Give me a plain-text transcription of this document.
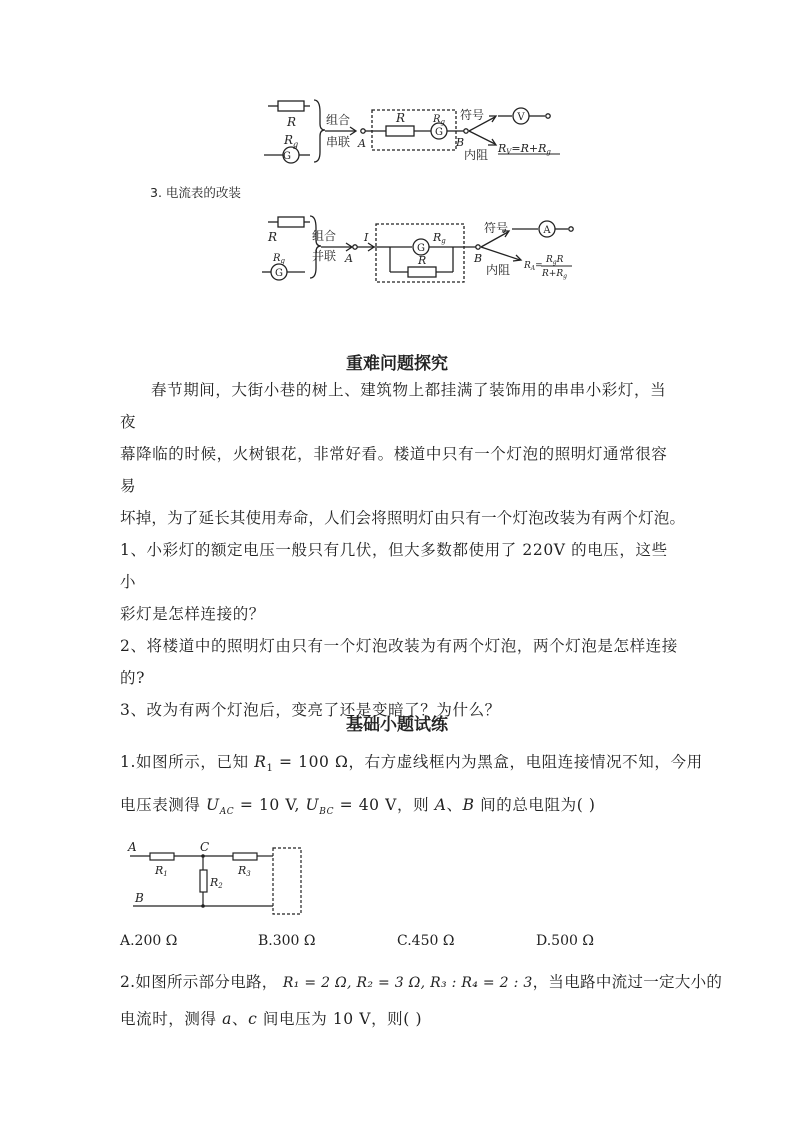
R
$R_g$
G
组合
串联 A
R	$R_g$
G
B
符号	V
内阻 RV=R+Rg
3. 电流表的改装
R
$R_g$
G
组合
并联 A
I
G
Rg
R	B
符号	A
内阻 $R_A=$
$R_gR$
$R+R_g$
重难问题探究
春节期间，大街小巷的树上、建筑物上都挂满了装饰用的串串小彩灯，当夜
幕降临的时候，火树银花，非常好看。楼道中只有一个灯泡的照明灯通常很容易
坏掉，为了延长其使用寿命，人们会将照明灯由只有一个灯泡改装为有两个灯泡。
1、小彩灯的额定电压一般只有几伏，但大多数都使用了 220V 的电压，这些小
彩灯是怎样连接的？
2、将楼道中的照明灯由只有一个灯泡改装为有两个灯泡，两个灯泡是怎样连接
的?
3、改为有两个灯泡后，变亮了还是变暗了？为什么？
基础小题试练
1.如图所示，已知 $R_1 = 100$ Ω，右方虚线框内为黑盒，电阻连接情况不知，今用
电压表测得 $U_{AC} = 10$ V, $U_{BC} = 40$ V，则 A、B 间的总电阻为( )
A	C
B
R1
R2
R3
A.200 Ω	B.300 Ω	C.450 Ω	D.500 Ω
2.如图所示部分电路， R₁ = 2 Ω, R₂ = 3 Ω, R₃ : R₄ = 2 : 3，当电路中流过一定大小的
电流时，测得 a、c 间电压为 10 V，则( )
